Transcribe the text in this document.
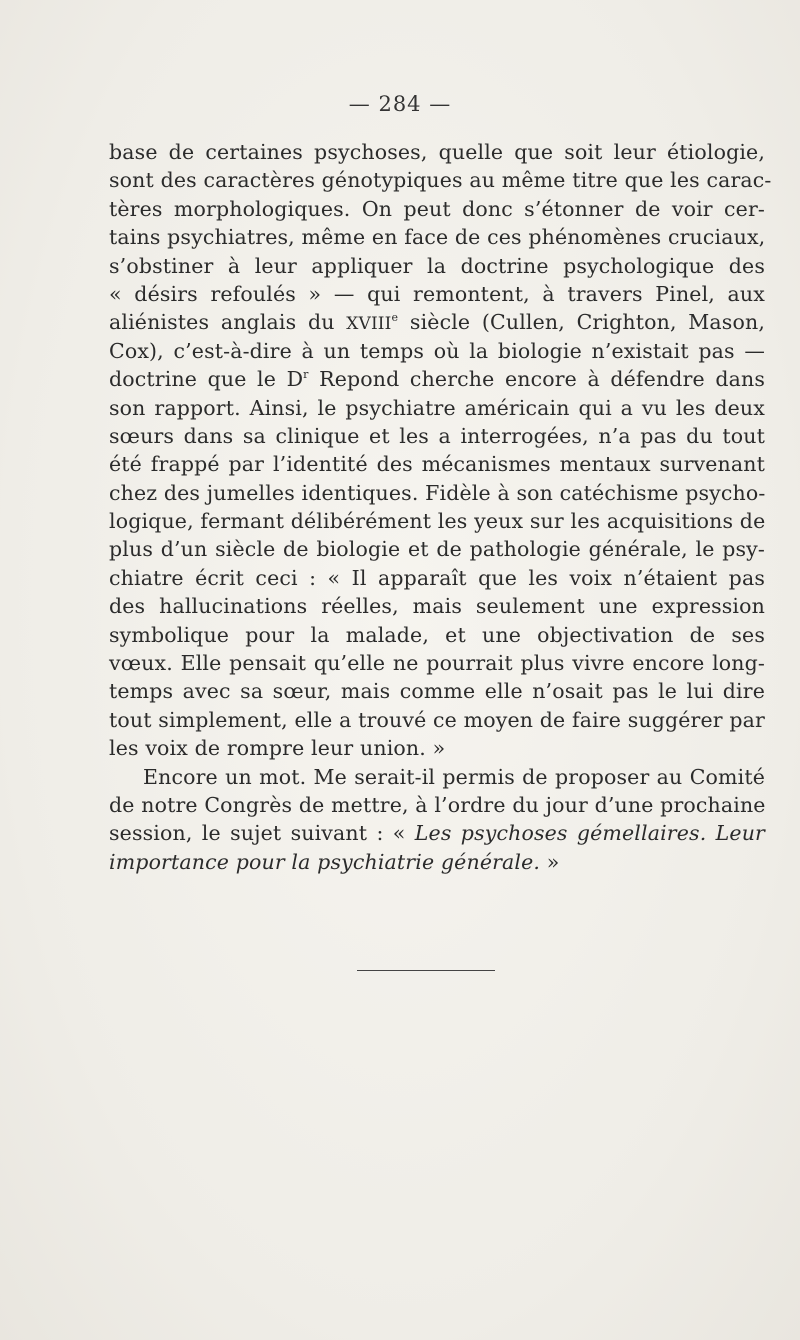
— 284 —
base de certaines psychoses, quelle que soit leur étiologie,
sont des caractères génotypiques au même titre que les carac-
tères morphologiques. On peut donc s’étonner de voir cer-
tains psychiatres, même en face de ces phénomènes cruciaux,
s’obstiner à leur appliquer la doctrine psychologique des
« désirs refoulés » — qui remontent, à travers Pinel, aux
aliénistes anglais du XVIIIe siècle (Cullen, Crighton, Mason,
Cox), c’est-à-dire à un temps où la biologie n’existait pas —
doctrine que le $D^r$ Repond cherche encore à défendre dans
son rapport. Ainsi, le psychiatre américain qui a vu les deux
sœurs dans sa clinique et les a interrogées, n’a pas du tout
été frappé par l’identité des mécanismes mentaux survenant
chez des jumelles identiques. Fidèle à son catéchisme psycho-
logique, fermant délibérément les yeux sur les acquisitions de
plus d’un siècle de biologie et de pathologie générale, le psy-
chiatre écrit ceci : « Il apparaît que les voix n’étaient pas
des hallucinations réelles, mais seulement une expression
symbolique pour la malade, et une objectivation de ses
vœux. Elle pensait qu’elle ne pourrait plus vivre encore long-
temps avec sa sœur, mais comme elle n’osait pas le lui dire
tout simplement, elle a trouvé ce moyen de faire suggérer par
les voix de rompre leur union. »
Encore un mot. Me serait-il permis de proposer au Comité
de notre Congrès de mettre, à l’ordre du jour d’une prochaine
session, le sujet suivant : « Les psychoses gémellaires. Leur
importance pour la psychiatrie générale. »
